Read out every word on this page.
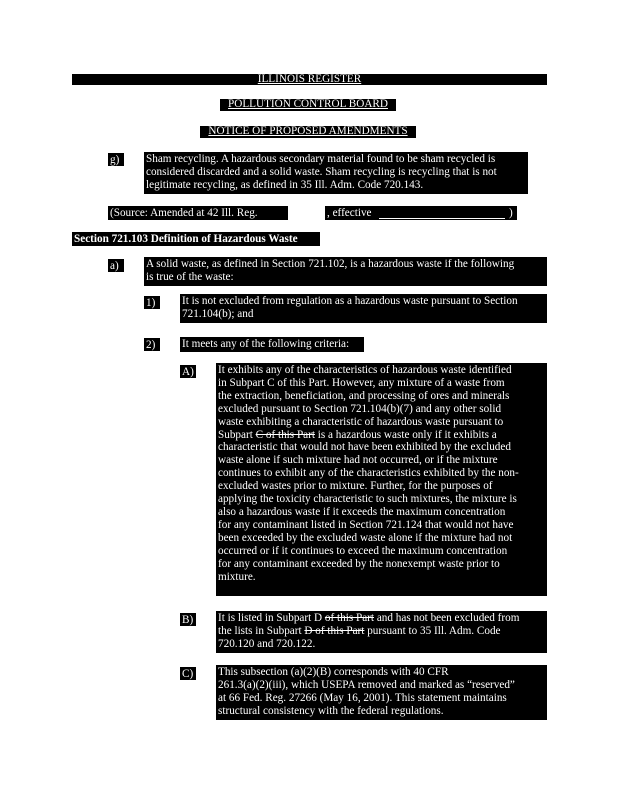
ILLINOIS REGISTER
POLLUTION CONTROL BOARD
NOTICE OF PROPOSED AMENDMENTS
g)	Sham recycling. A hazardous secondary material found to be sham recycled is
considered discarded and a solid waste. Sham recycling is recycling that is not
legitimate recycling, as defined in 35 Ill. Adm. Code 720.143.
(Source: Amended at 42 Ill. Reg.	, effective	)
Section 721.103 Definition of Hazardous Waste
a)	A solid waste, as defined in Section 721.102, is a hazardous waste if the following
is true of the waste:
1)	It is not excluded from regulation as a hazardous waste pursuant to Section
721.104(b); and
2)	It meets any of the following criteria:
A) It exhibits any of the characteristics of hazardous waste identified
in Subpart C of this Part. However, any mixture of a waste from
the extraction, beneficiation, and processing of ores and minerals
excluded pursuant to Section 721.104(b)(7) and any other solid
waste exhibiting a characteristic of hazardous waste pursuant to
Subpart C of this Part is a hazardous waste only if it exhibits a
characteristic that would not have been exhibited by the excluded
waste alone if such mixture had not occurred, or if the mixture
continues to exhibit any of the characteristics exhibited by the non-
excluded wastes prior to mixture. Further, for the purposes of
applying the toxicity characteristic to such mixtures, the mixture is
also a hazardous waste if it exceeds the maximum concentration
for any contaminant listed in Section 721.124 that would not have
been exceeded by the excluded waste alone if the mixture had not
occurred or if it continues to exceed the maximum concentration
for any contaminant exceeded by the nonexempt waste prior to
mixture.
B) It is listed in Subpart D of this Part and has not been excluded from
the lists in Subpart D of this Part pursuant to 35 Ill. Adm. Code
720.120 and 720.122.
C) This subsection (a)(2)(B) corresponds with 40 CFR
261.3(a)(2)(iii), which USEPA removed and marked as “reserved”
at 66 Fed. Reg. 27266 (May 16, 2001). This statement maintains
structural consistency with the federal regulations.
